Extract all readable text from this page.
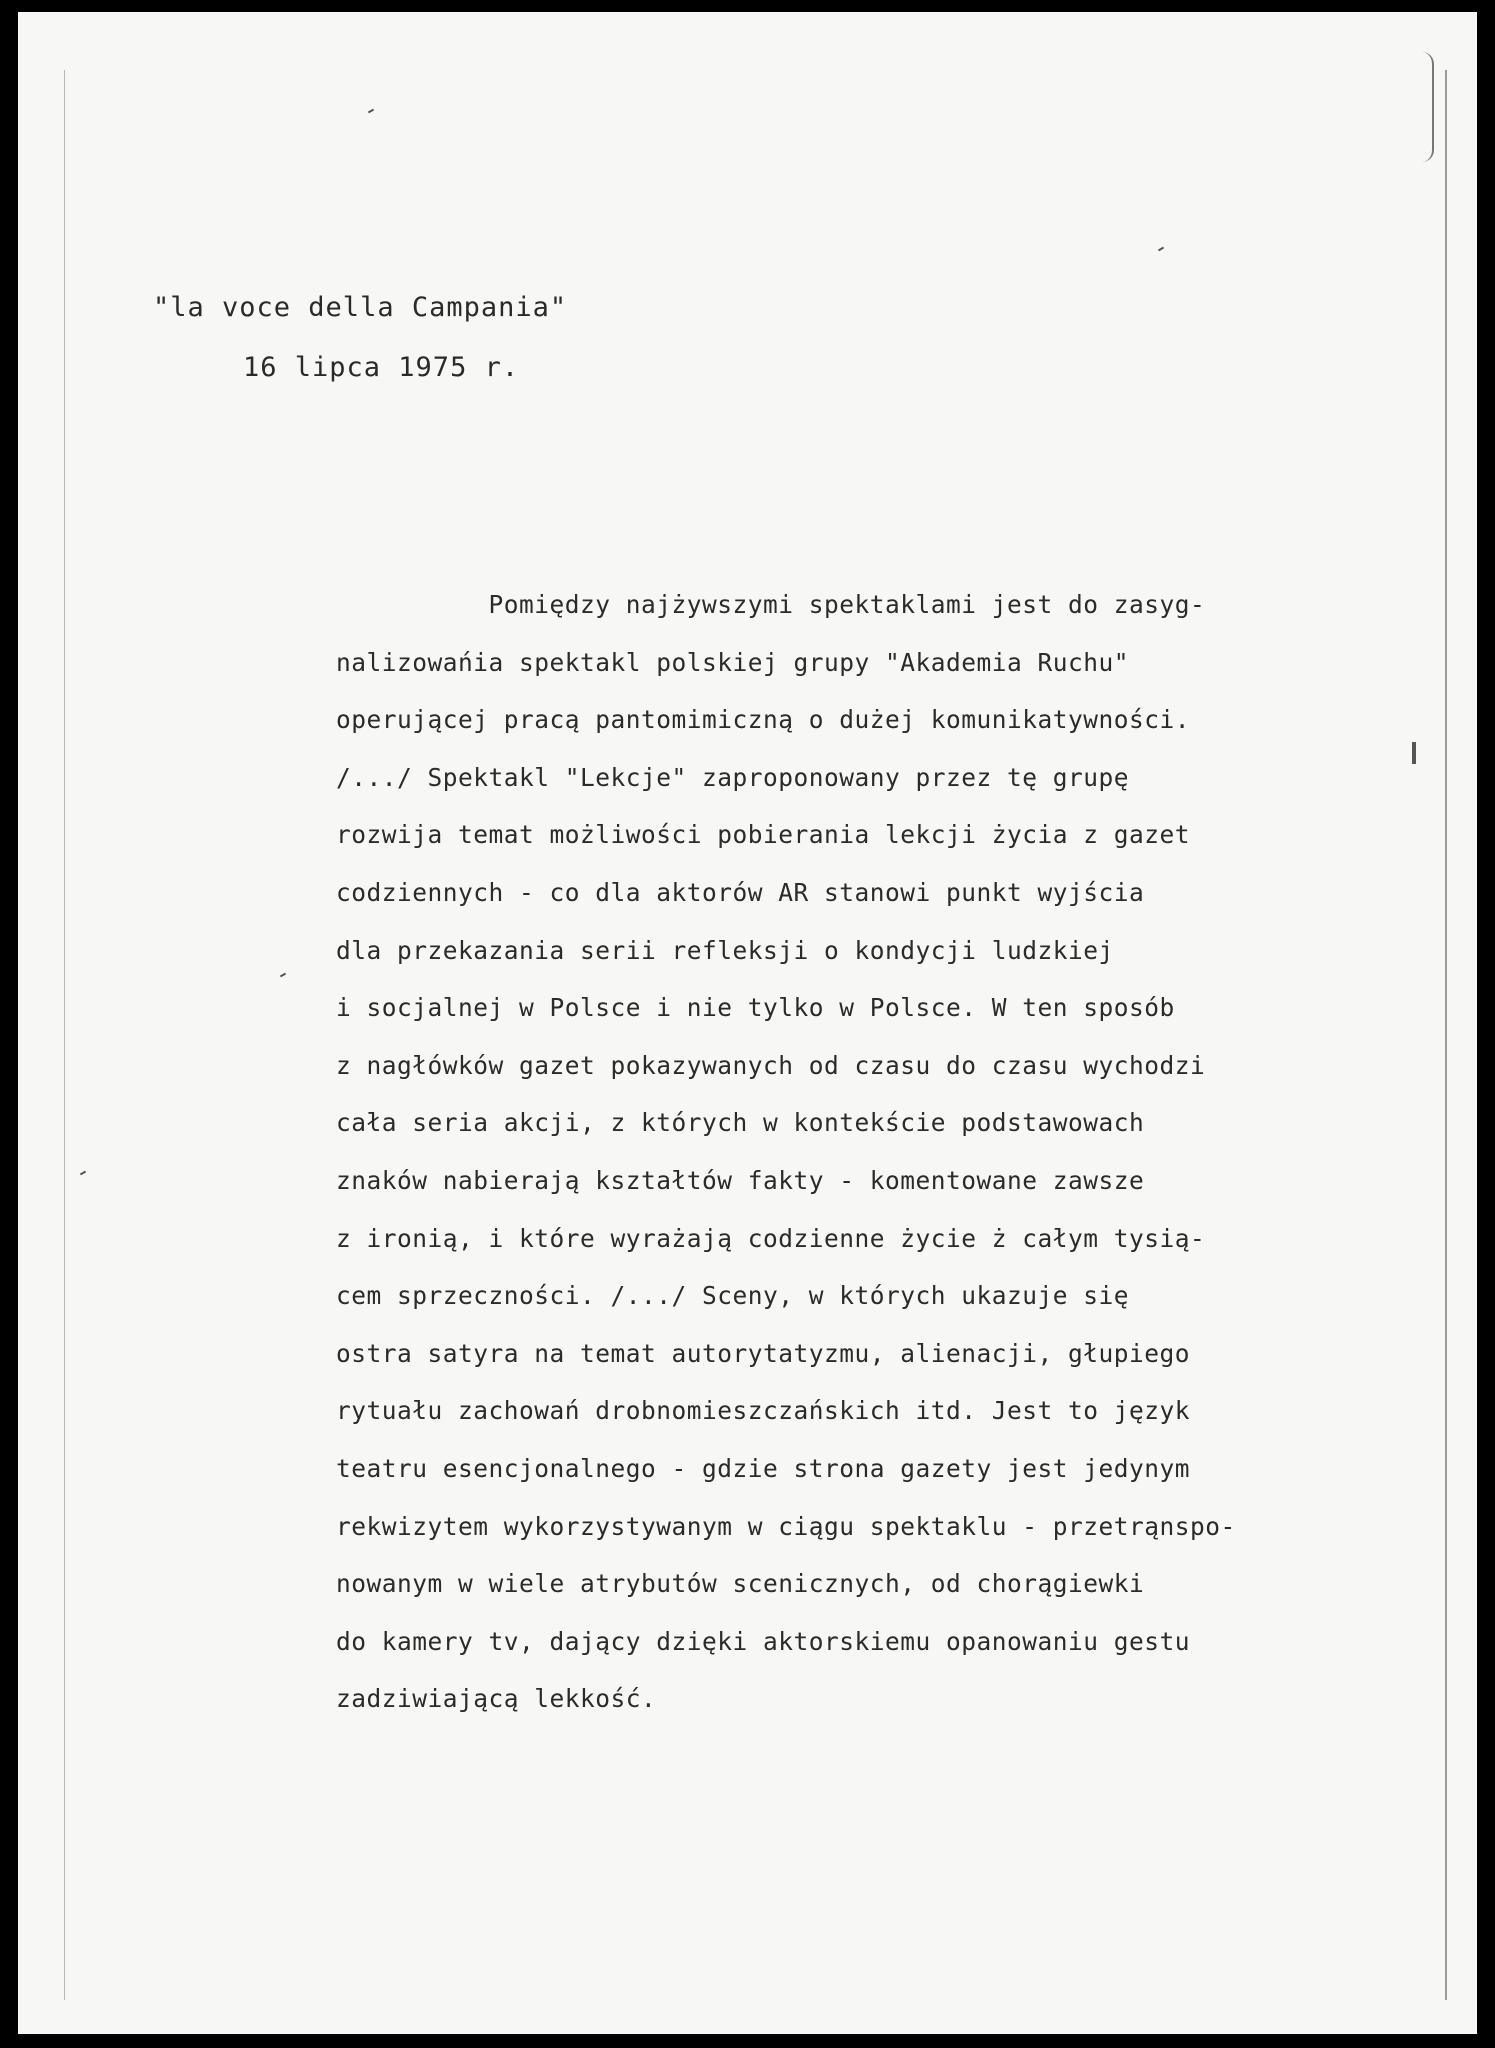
"la voce della Campania"
16 lipca 1975 r.
Pomiędzy najżywszymi spektaklami jest do zasyg-
nalizowańia spektakl polskiej grupy "Akademia Ruchu"
operującej pracą pantomimiczną o dużej komunikatywności.
/.../ Spektakl "Lekcje" zaproponowany przez tę grupę
rozwija temat możliwości pobierania lekcji życia z gazet
codziennych - co dla aktorów AR stanowi punkt wyjścia
dla przekazania serii refleksji o kondycji ludzkiej
i socjalnej w Polsce i nie tylko w Polsce. W ten sposób
z nagłówków gazet pokazywanych od czasu do czasu wychodzi
cała seria akcji, z których w kontekście podstawowach
znaków nabierają kształtów fakty - komentowane zawsze
z ironią, i które wyrażają codzienne życie ż całym tysią-
cem sprzeczności. /.../ Sceny, w których ukazuje się
ostra satyra na temat autorytatyzmu, alienacji, głupiego
rytuału zachowań drobnomieszczańskich itd. Jest to język
teatru esencjonalnego - gdzie strona gazety jest jedynym
rekwizytem wykorzystywanym w ciągu spektaklu - przetrąnspo-
nowanym w wiele atrybutów scenicznych, od chorągiewki
do kamery tv, dający dzięki aktorskiemu opanowaniu gestu
zadziwiającą lekkość.
